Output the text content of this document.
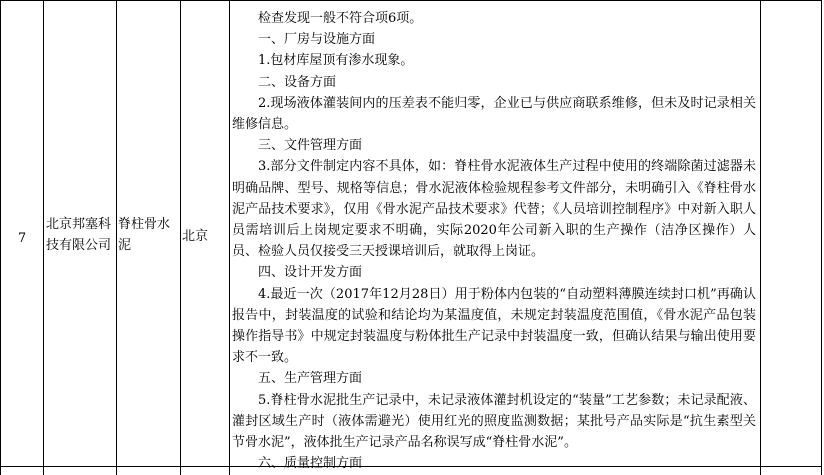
7
北京邦塞科技有限公司
脊柱骨水泥
北京

检查发现一般不符合项6项。

一、厂房与设施方面

1.包材库屋顶有渗水现象。

二、设备方面

2.现场液体灌装间内的压差表不能归零，企业已与供应商联系维修，但未及时记录相关维修信息。

三、文件管理方面

3.部分文件制定内容不具体，如：脊柱骨水泥液体生产过程中使用的终端除菌过滤器未明确品牌、型号、规格等信息；骨水泥液体检验规程参考文件部分，未明确引入《脊柱骨水泥产品技术要求》，仅用《骨水泥产品技术要求》代替；《人员培训控制程序》中对新入职人员需培训后上岗规定要求不明确，实际2020年公司新入职的生产操作（洁净区操作）人员、检验人员仅接受三天授课培训后，就取得上岗证。

四、设计开发方面

4.最近一次（2017年12月28日）用于粉体内包装的“自动塑料薄膜连续封口机”再确认报告中，封装温度的试验和结论均为某温度值，未规定封装温度范围值，《骨水泥产品包装操作指导书》中规定封装温度与粉体批生产记录中封装温度一致，但确认结果与输出使用要求不一致。

五、生产管理方面

5.脊柱骨水泥批生产记录中，未记录液体灌封机设定的“装量”工艺参数；未记录配液、灌封区域生产时（液体需避光）使用红光的照度监测数据；某批号产品实际是“抗生素型关节骨水泥”，液体批生产记录产品名称误写成“脊柱骨水泥”。

六、质量控制方面
